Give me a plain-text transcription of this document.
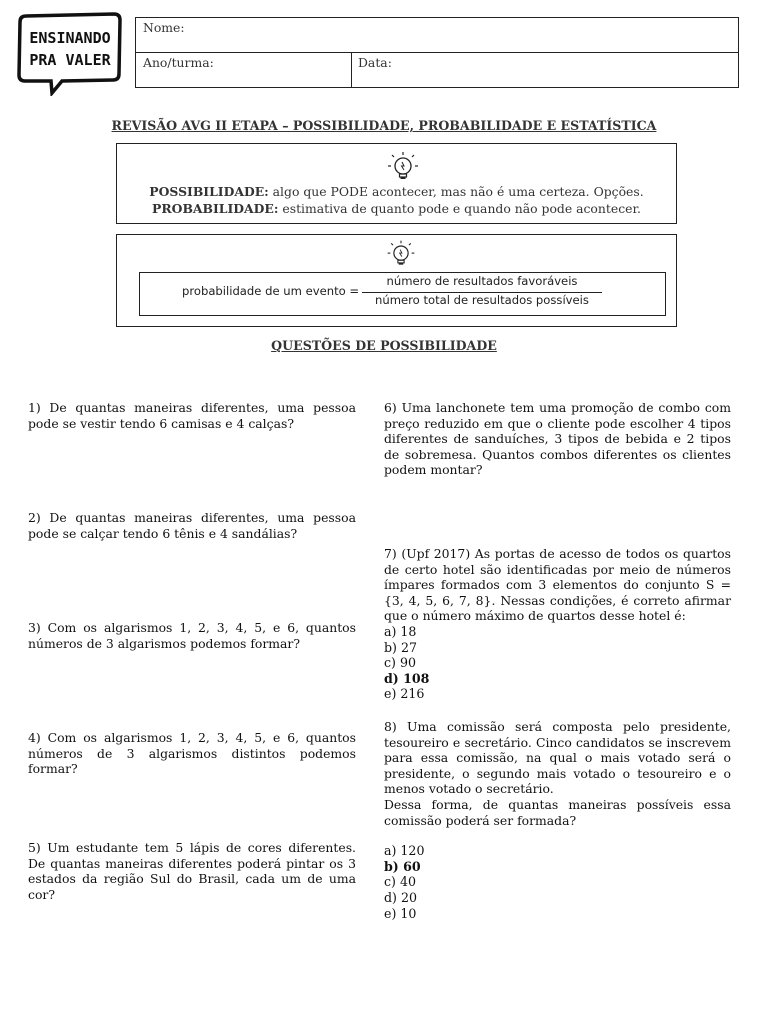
ENSINANDO
PRA VALER
Nome:
Ano/turma:	Data:
REVISÃO AVG II ETAPA – POSSIBILIDADE, PROBABILIDADE E ESTATÍSTICA
POSSIBILIDADE: algo que PODE acontecer, mas não é uma certeza. Opções.
PROBABILIDADE: estimativa de quanto pode e quando não pode acontecer.
probabilidade de um evento =
número de resultados favoráveis
número total de resultados possíveis
QUESTÕES DE POSSIBILIDADE
1) De quantas maneiras diferentes, uma pessoa pode se vestir tendo 6 camisas e 4 calças?
2) De quantas maneiras diferentes, uma pessoa pode se calçar tendo 6 tênis e 4 sandálias?
3) Com os algarismos 1, 2, 3, 4, 5, e 6, quantos números de 3 algarismos podemos formar?
4) Com os algarismos 1, 2, 3, 4, 5, e 6, quantos números de 3 algarismos distintos podemos formar?
5) Um estudante tem 5 lápis de cores diferentes. De quantas maneiras diferentes poderá pintar os 3 estados da região Sul do Brasil, cada um de uma cor?
6) Uma lanchonete tem uma promoção de combo com preço reduzido em que o cliente pode escolher 4 tipos diferentes de sanduíches, 3 tipos de bebida e 2 tipos de sobremesa. Quantos combos diferentes os clientes podem montar?
7) (Upf 2017) As portas de acesso de todos os quartos de certo hotel são identificadas por meio de números ímpares formados com 3 elementos do conjunto S = {3, 4, 5, 6, 7, 8}. Nessas condições, é correto afirmar que o número máximo de quartos desse hotel é:
a) 18
b) 27
c) 90
d) 108
e) 216
8) Uma comissão será composta pelo presidente, tesoureiro e secretário. Cinco candidatos se inscrevem para essa comissão, na qual o mais votado será o presidente, o segundo mais votado o tesoureiro e o menos votado o secretário.
Dessa forma, de quantas maneiras possíveis essa comissão poderá ser formada?
a) 120
b) 60
c) 40
d) 20
e) 10
